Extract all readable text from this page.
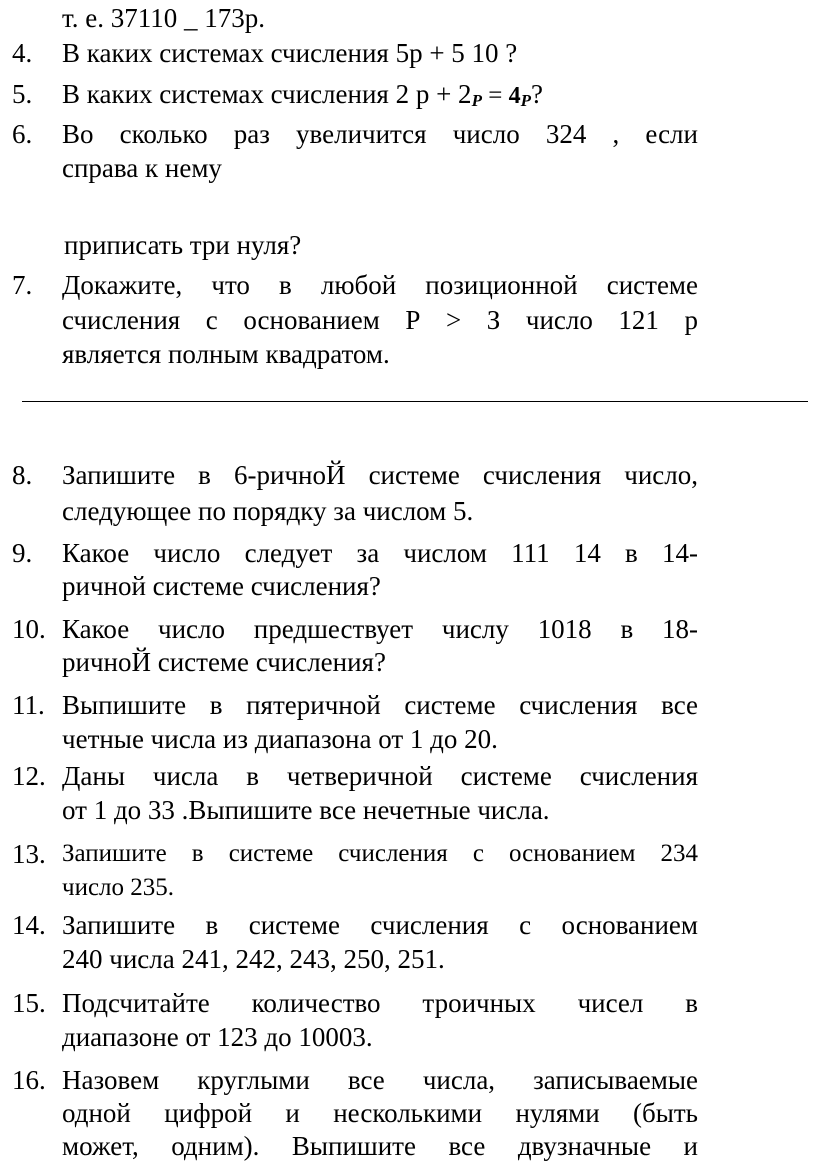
т. е. 37110 _ 173р.
4. В каких системах счисления 5р + 5 10 ?
5. В каких системах счисления 2 р + 2P = 4P?
6. Во сколько раз увеличится число 324 , если
справа к нему
приписать три нуля?
7. Докажите, что в любой позиционной системе
счисления с основанием Р > З число 121 р
является полным квадратом.
8. Запишите в 6-ричноЙ системе счисления число,
следующее по порядку за числом 5.
9. Какое число следует за числом 111 14 в 14-
ричной системе счисления?
10. Какое число предшествует числу 1018 в 18-
ричноЙ системе счисления?
11. Выпишите в пятеричной системе счисления все
четные числа из диапазона от 1 до 20.
12. Даны числа в четверичной системе счисления
от 1 до 33 .Выпишите все нечетные числа.
13. Запишите в системе счисления с основанием 234
число 235.
14. Запишите в системе счисления с основанием
240 числа 241, 242, 243, 250, 251.
15. Подсчитайте количество троичных чисел в
диапазоне от 123 до 10003.
16. Назовем круглыми все числа, записываемые
одной цифрой и несколькими нулями (быть
может, одним). Выпишите все двузначные и
